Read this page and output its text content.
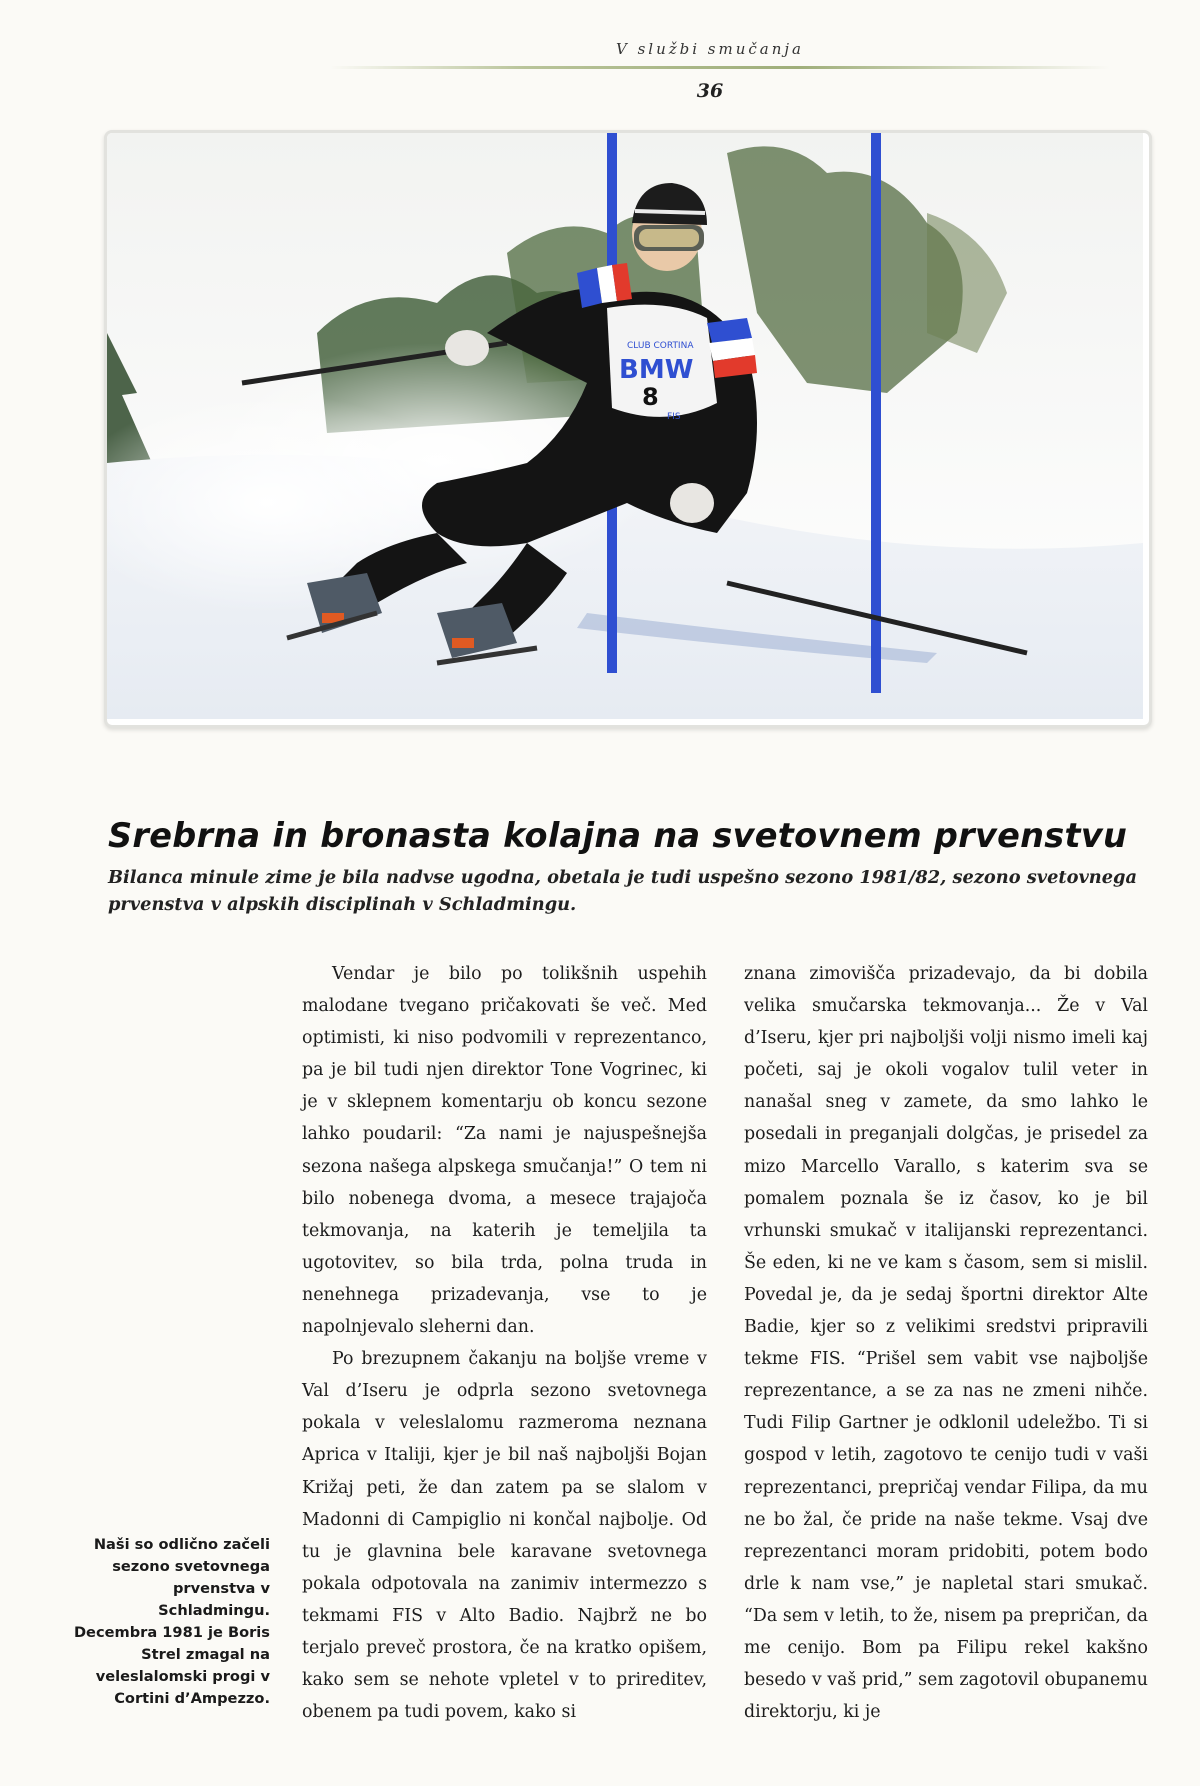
V službi smučanja
36
CLUB CORTINA
BMW
8
FIS
Srebrna in bronasta kolajna na svetovnem prvenstvu
Bilanca minule zime je bila nadvse ugodna, obetala je tudi uspešno sezono 1981/82, sezono svetovnega prvenstva v alpskih disciplinah v Schladmingu.

Vendar je bilo po tolikšnih uspehih malodane tvegano pričakovati še več. Med optimisti, ki niso podvomili v reprezentanco, pa je bil tudi njen direktor Tone Vogrinec, ki je v sklepnem komentarju ob koncu sezone lahko poudaril: “Za nami je najuspešnejša sezona našega alpskega smučanja!” O tem ni bilo nobenega dvoma, a mesece trajajoča tekmovanja, na katerih je temeljila ta ugotovitev, so bila trda, polna truda in nenehnega prizadevanja, vse to je napolnjevalo sleherni dan.

Po brezupnem čakanju na boljše vreme v Val d’Iseru je odprla sezono svetovnega pokala v veleslalomu razmeroma neznana Aprica v Italiji, kjer je bil naš najboljši Bojan Križaj peti, že dan zatem pa se slalom v Madonni di Campiglio ni končal najbolje. Od tu je glavnina bele karavane svetovnega pokala odpotovala na zanimiv intermezzo s tekmami FIS v Alto Badio. Najbrž ne bo terjalo preveč prostora, če na kratko opišem, kako sem se nehote vpletel v to prireditev, obenem pa tudi povem, kako si

znana zimovišča prizadevajo, da bi dobila velika smučarska tekmovanja... Že v Val d’Iseru, kjer pri najboljši volji nismo imeli kaj početi, saj je okoli vogalov tulil veter in nanašal sneg v zamete, da smo lahko le posedali in preganjali dolgčas, je prisedel za mizo Marcello Varallo, s katerim sva se pomalem poznala še iz časov, ko je bil vrhunski smukač v italijanski reprezentanci. Še eden, ki ne ve kam s časom, sem si mislil. Povedal je, da je sedaj športni direktor Alte Badie, kjer so z velikimi sredstvi pripravili tekme FIS. “Prišel sem vabit vse najboljše reprezentance, a se za nas ne zmeni nihče. Tudi Filip Gartner je odklonil udeležbo. Ti si gospod v letih, zagotovo te cenijo tudi v vaši reprezentanci, prepričaj vendar Filipa, da mu ne bo žal, če pride na naše tekme. Vsaj dve reprezentanci moram pridobiti, potem bodo drle k nam vse,” je napletal stari smukač. “Da sem v letih, to že, nisem pa prepričan, da me cenijo. Bom pa Filipu rekel kakšno besedo v vaš prid,” sem zagotovil obupanemu direktorju, ki je

Naši so odlično začeli sezono svetovnega prvenstva v Schladmingu. Decembra 1981 je Boris Strel zmagal na veleslalomski progi v Cortini d’Ampezzo.
